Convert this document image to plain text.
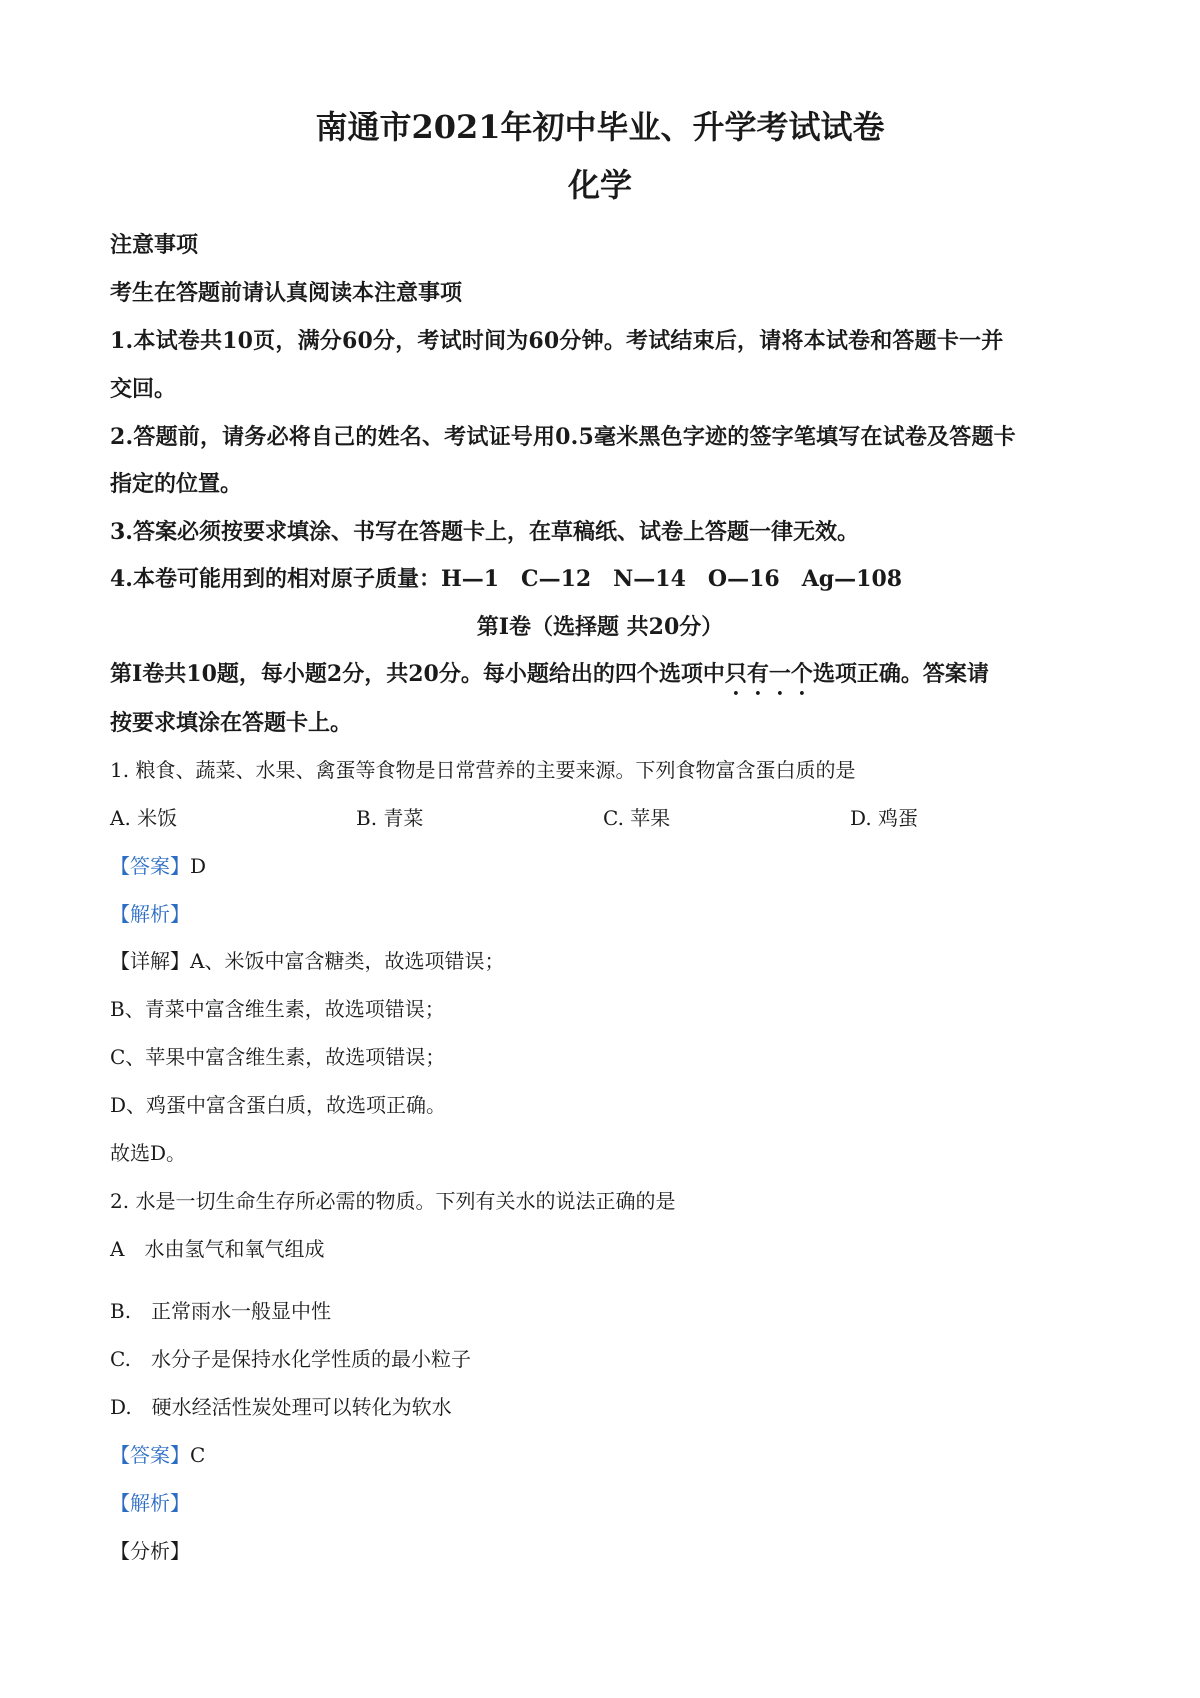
南通市2021年初中毕业、升学考试试卷
化学
注意事项
考生在答题前请认真阅读本注意事项
1.本试卷共10页，满分60分，考试时间为60分钟。考试结束后，请将本试卷和答题卡一并
交回。
2.答题前，请务必将自己的姓名、考试证号用0.5毫米黑色字迹的签字笔填写在试卷及答题卡
指定的位置。
3.答案必须按要求填涂、书写在答题卡上，在草稿纸、试卷上答题一律无效。
4.本卷可能用到的相对原子质量：H—1　C—12　N—14　O—16　Ag—108
第Ⅰ卷（选择题 共20分）
第Ⅰ卷共10题，每小题2分，共20分。每小题给出的四个选项中只有一个选项正确。答案请
按要求填涂在答题卡上。
1. 粮食、蔬菜、水果、禽蛋等食物是日常营养的主要来源。下列食物富含蛋白质的是
A. 米饭	B. 青菜	C. 苹果	D. 鸡蛋
【答案】D
【解析】
【详解】A、米饭中富含糖类，故选项错误；
B、青菜中富含维生素，故选项错误；
C、苹果中富含维生素，故选项错误；
D、鸡蛋中富含蛋白质，故选项正确。
故选D。
2. 水是一切生命生存所必需的物质。下列有关水的说法正确的是
A　水由氢气和氧气组成
B.　正常雨水一般显中性
C.　水分子是保持水化学性质的最小粒子
D.　硬水经活性炭处理可以转化为软水
【答案】C
【解析】
【分析】
